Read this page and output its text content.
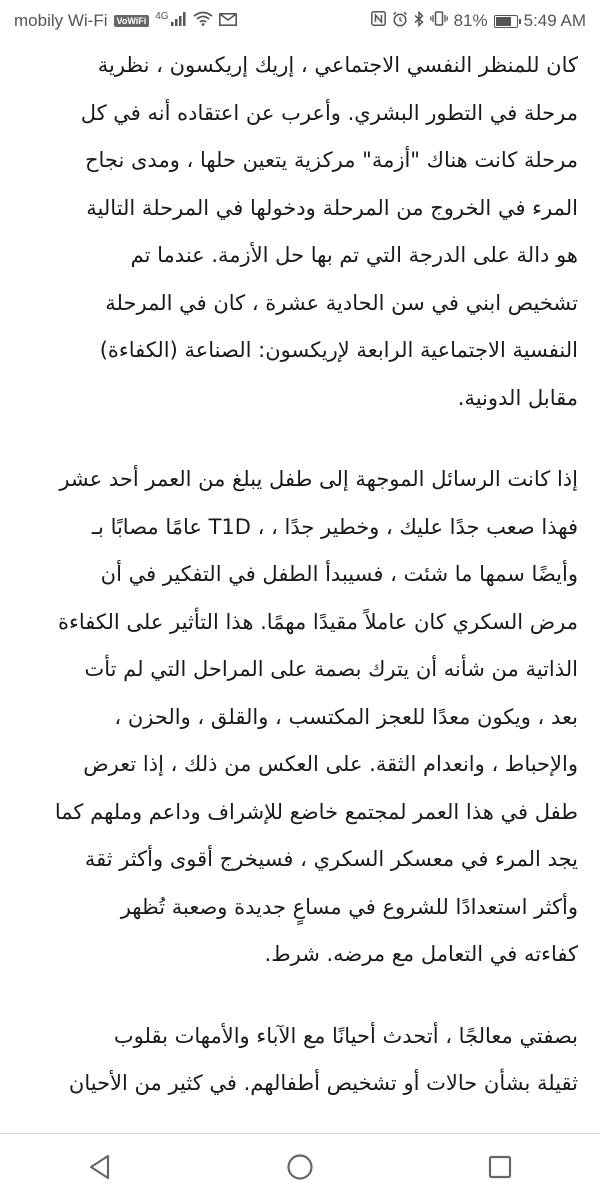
mobily Wi-Fi	VoWiFi $^{4G}$	81% 5:49 AM

كان للمنظر النفسي الاجتماعي ، إريك إريكسون ، نظرية
مرحلة في التطور البشري. وأعرب عن اعتقاده أنه في كل
مرحلة كانت هناك "أزمة" مركزية يتعين حلها ، ومدى نجاح
المرء في الخروج من المرحلة ودخولها في المرحلة التالية
هو دالة على الدرجة التي تم بها حل الأزمة. عندما تم
تشخيص ابني في سن الحادية عشرة ، كان في المرحلة
النفسية الاجتماعية الرابعة لإريكسون: الصناعة (الكفاءة)
مقابل الدونية.

إذا كانت الرسائل الموجهة إلى طفل يبلغ من العمر أحد عشر
فهذا صعب جدًا عليك ، وخطير جدًا ، ، T1D عامًا مصابًا بـ
وأيضًا سمها ما شئت ، فسيبدأ الطفل في التفكير في أن
مرض السكري كان عاملاً مقيدًا مهمًا. هذا التأثير على الكفاءة
الذاتية من شأنه أن يترك بصمة على المراحل التي لم تأت
بعد ، ويكون معدًا للعجز المكتسب ، والقلق ، والحزن ،
والإحباط ، وانعدام الثقة. على العكس من ذلك ، إذا تعرض
طفل في هذا العمر لمجتمع خاضع للإشراف وداعم وملهم كما
يجد المرء في معسكر السكري ، فسيخرج أقوى وأكثر ثقة
وأكثر استعدادًا للشروع في مساعٍ جديدة وصعبة تُظهر
كفاءته في التعامل مع مرضه. شرط.

بصفتي معالجًا ، أتحدث أحيانًا مع الآباء والأمهات بقلوب
ثقيلة بشأن حالات أو تشخيص أطفالهم. في كثير من الأحيان
